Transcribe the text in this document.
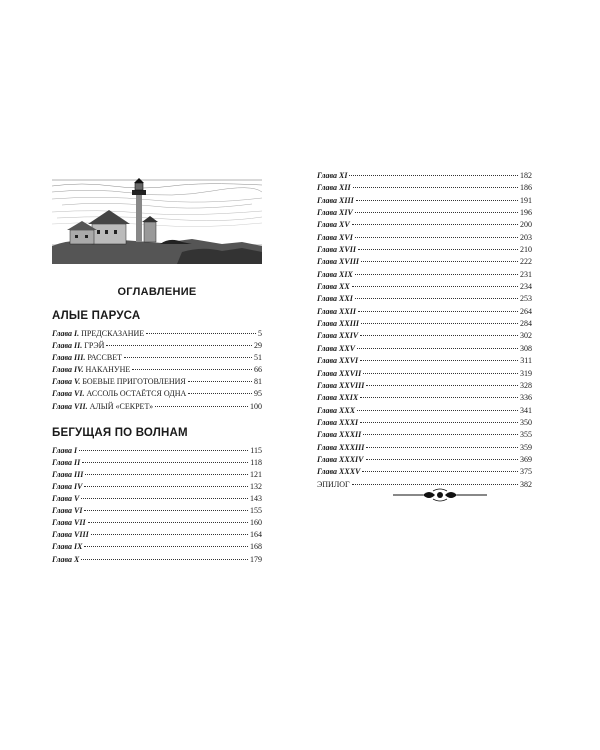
ОГЛАВЛЕНИЕ
АЛЫЕ ПАРУСА
Глава I. ПРЕДСКАЗАНИЕ	5
Глава II. ГРЭЙ	29
Глава III. РАССВЕТ	51
Глава IV. НАКАНУНЕ	66
Глава V. БОЕВЫЕ ПРИГОТОВЛЕНИЯ	81
Глава VI. АССОЛЬ ОСТАЁТСЯ ОДНА	95
Глава VII. АЛЫЙ «СЕКРЕТ»	100
БЕГУЩАЯ ПО ВОЛНАМ
Глава I	115
Глава II	118
Глава III	121
Глава IV	132
Глава V	143
Глава VI	155
Глава VII	160
Глава VIII	164
Глава IX	168
Глава X	179
Глава XI	182
Глава XII	186
Глава XIII	191
Глава XIV	196
Глава XV	200
Глава XVI	203
Глава XVII	210
Глава XVIII	222
Глава XIX	231
Глава XX	234
Глава XXI	253
Глава XXII	264
Глава XXIII	284
Глава XXIV	302
Глава XXV	308
Глава XXVI	311
Глава XXVII	319
Глава XXVIII	328
Глава XXIX	336
Глава XXX	341
Глава XXXI	350
Глава XXXII	355
Глава XXXIII	359
Глава XXXIV	369
Глава XXXV	375
ЭПИЛОГ	382
